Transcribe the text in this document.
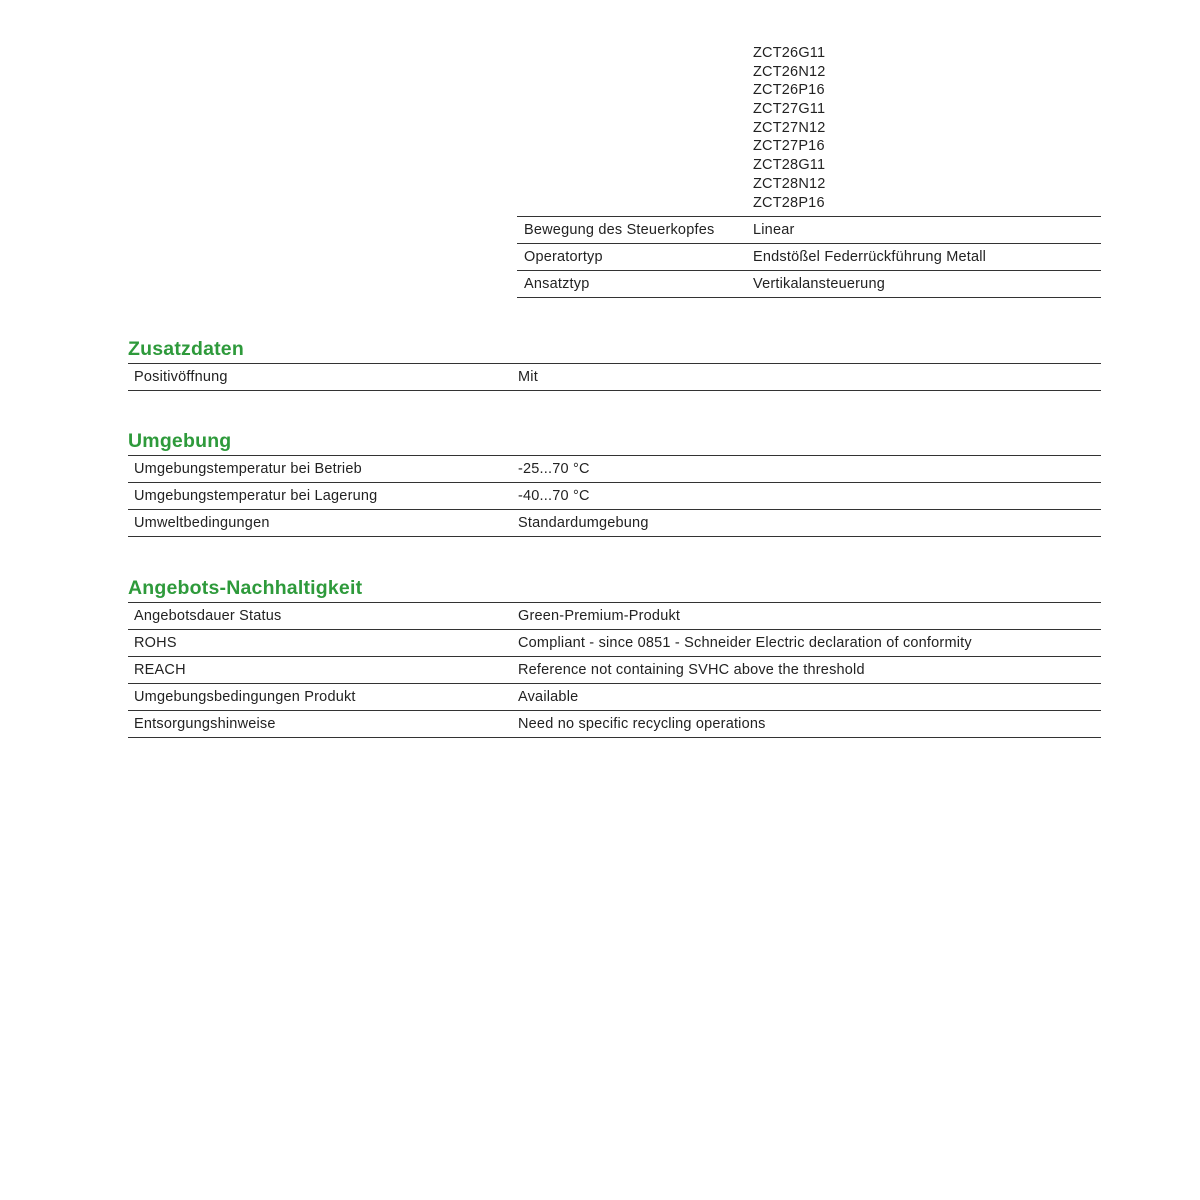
ZCT26G11
ZCT26N12
ZCT26P16
ZCT27G11
ZCT27N12
ZCT27P16
ZCT28G11
ZCT28N12
ZCT28P16
Bewegung des Steuerkopfes	Linear
Operatortyp	Endstößel Federrückführung Metall
Ansatztyp	Vertikalansteuerung
Zusatzdaten
Positivöffnung	Mit
Umgebung
Umgebungstemperatur bei Betrieb	-25...70 °C
Umgebungstemperatur bei Lagerung	-40...70 °C
Umweltbedingungen	Standardumgebung
Angebots-Nachhaltigkeit
Angebotsdauer Status	Green-Premium-Produkt
ROHS	Compliant - since 0851 - Schneider Electric declaration of conformity
REACH	Reference not containing SVHC above the threshold
Umgebungsbedingungen Produkt	Available
Entsorgungshinweise	Need no specific recycling operations
